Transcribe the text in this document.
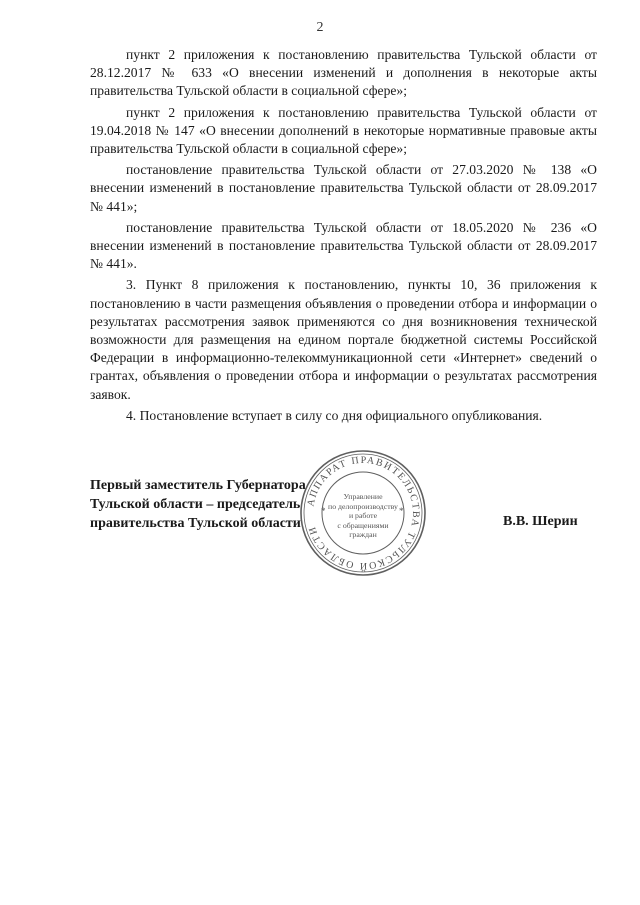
2

пункт 2 приложения к постановлению правительства Тульской области от 28.12.2017 № 633 «О внесении изменений и дополнения в некоторые акты правительства Тульской области в социальной сфере»;

пункт 2 приложения к постановлению правительства Тульской области от 19.04.2018 № 147 «О внесении дополнений в некоторые нормативные правовые акты правительства Тульской области в социальной сфере»;

постановление правительства Тульской области от 27.03.2020 № 138 «О внесении изменений в постановление правительства Тульской области от 28.09.2017 № 441»;

постановление правительства Тульской области от 18.05.2020 № 236 «О внесении изменений в постановление правительства Тульской области от 28.09.2017 № 441».

3. Пункт 8 приложения к постановлению, пункты 10, 36 приложения к постановлению в части размещения объявления о проведении отбора и информации о результатах рассмотрения заявок применяются со дня возникновения технической возможности для размещения на едином портале бюджетной системы Российской Федерации в информационно-телекоммуникационной сети «Интернет» сведений о грантах, объявления о проведении отбора и информации о результатах рассмотрения заявок.

4. Постановление вступает в силу со дня официального опубликования.

Первый заместитель Губернатора
Тульской области – председатель
правительства Тульской области
АППАРАТ ПРАВИТЕЛЬСТВА ТУЛЬСКОЙ ОБЛАСТИ
*	*
Управление
по делопроизводству
и работе
с обращениями
граждан
В.В. Шерин
